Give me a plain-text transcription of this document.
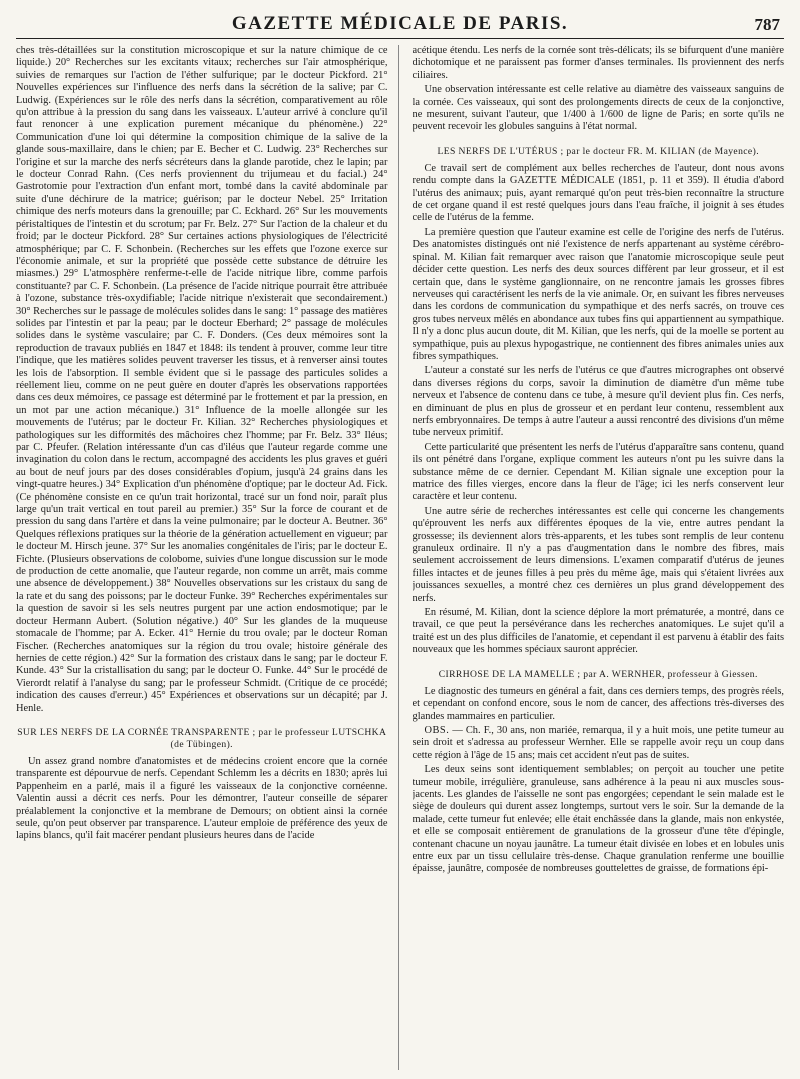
GAZETTE MÉDICALE DE PARIS.	787

ches très-détaillées sur la constitution microscopique et sur la nature chimique de ce liquide.) 20° Recherches sur les excitants vitaux; recherches sur l'air atmosphérique, suivies de remarques sur l'action de l'éther sulfurique; par le docteur Pickford. 21° Nouvelles expériences sur l'influence des nerfs dans la sécrétion de la salive; par C. Ludwig. (Expériences sur le rôle des nerfs dans la sécrétion, comparativement au rôle qu'on attribue à la pression du sang dans les vaisseaux. L'auteur arrivé à conclure qu'il faut renoncer à une explication purement mécanique du phénomène.) 22° Communication d'une loi qui détermine la composition chimique de la salive de la glande sous-maxillaire, dans le chien; par E. Becher et C. Ludwig. 23° Recherches sur l'origine et sur la marche des nerfs sécréteurs dans la glande parotide, chez le lapin; par le docteur Conrad Rahn. (Ces nerfs proviennent du trijumeau et du facial.) 24° Gastrotomie pour l'extraction d'un enfant mort, tombé dans la cavité abdominale par suite d'une déchirure de la matrice; guérison; par le docteur Nebel. 25° Irritation chimique des nerfs moteurs dans la grenouille; par C. Eckhard. 26° Sur les mouvements péristaltiques de l'intestin et du scrotum; par Fr. Belz. 27° Sur l'action de la chaleur et du froid; par le docteur Pickford. 28° Sur certaines actions physiologiques de l'électricité atmosphérique; par C. F. Schonbein. (Recherches sur les effets que l'ozone exerce sur l'économie animale, et sur la propriété que possède cette substance de détruire les miasmes.) 29° L'atmosphère renferme-t-elle de l'acide nitrique libre, comme parfois constituante? par C. F. Schonbein. (La présence de l'acide nitrique pourrait être attribuée à l'ozone, substance très-oxydifiable; l'acide nitrique n'existerait que secondairement.) 30° Recherches sur le passage de molécules solides dans le sang: 1° passage des matières solides par l'intestin et par la peau; par le docteur Eberhard; 2° passage de molécules solides dans le système vasculaire; par C. F. Donders. (Ces deux mémoires sont la reproduction de travaux publiés en 1847 et 1848: ils tendent à prouver, comme leur titre l'indique, que les matières solides peuvent traverser les tissus, et à renverser ainsi toutes les lois de l'absorption. Il semble évident que si le passage des particules solides a réellement lieu, comme on ne peut guère en douter d'après les observations rapportées dans ces deux mémoires, ce passage est déterminé par le frottement et par la pression, en un mot par une action mécanique.) 31° Influence de la moelle allongée sur les mouvements de l'utérus; par le docteur Fr. Kilian. 32° Recherches physiologiques et pathologiques sur les difformités des mâchoires chez l'homme; par Fr. Belz. 33° Iléus; par C. Pfeufer. (Relation intéressante d'un cas d'iléus que l'auteur regarde comme une invagination du colon dans le rectum, accompagné des accidents les plus graves et guéri au bout de neuf jours par des doses considérables d'opium, jusqu'à 24 grains dans les vingt-quatre heures.) 34° Explication d'un phénomène d'optique; par le docteur Ad. Fick. (Ce phénomène consiste en ce qu'un trait horizontal, tracé sur un fond noir, paraît plus large qu'un trait vertical en tout pareil au premier.) 35° Sur la force de courant et de pression du sang dans l'artère et dans la veine pulmonaire; par le docteur A. Beutner. 36° Quelques réflexions pratiques sur la théorie de la génération actuellement en vigueur; par le docteur M. Hirsch jeune. 37° Sur les anomalies congénitales de l'iris; par le docteur E. Fichte. (Plusieurs observations de colobome, suivies d'une longue discussion sur le mode de production de cette anomalie, que l'auteur regarde, non comme un arrêt, mais comme une absence de développement.) 38° Nouvelles observations sur les cristaux du sang de la rate et du sang des poissons; par le docteur Funke. 39° Recherches expérimentales sur la question de savoir si les sels neutres purgent par une action endosmotique; par le docteur Hermann Aubert. (Solution négative.) 40° Sur les glandes de la muqueuse stomacale de l'homme; par A. Ecker. 41° Hernie du trou ovale; par le docteur Roman Fischer. (Recherches anatomiques sur la région du trou ovale; histoire générale des hernies de cette région.) 42° Sur la formation des cristaux dans le sang; par le docteur F. Kunde. 43° Sur la cristallisation du sang; par le docteur O. Funke. 44° Sur le procédé de Vierordt relatif à l'analyse du sang; par le professeur Schmidt. (Critique de ce procédé; indication des causes d'erreur.) 45° Expériences et observations sur un décapité; par J. Henle.

SUR LES NERFS DE LA CORNÉE TRANSPARENTE ; par le professeur LUTSCHKA (de Tübingen).

Un assez grand nombre d'anatomistes et de médecins croient encore que la cornée transparente est dépourvue de nerfs. Cependant Schlemm les a décrits en 1830; après lui Pappenheim en a parlé, mais il a figuré les vaisseaux de la conjonctive cornéenne. Valentin aussi a décrit ces nerfs. Pour les démontrer, l'auteur conseille de séparer préalablement la conjonctive et la membrane de Demours; on obtient ainsi la cornée seule, qu'on peut observer par transparence. L'auteur emploie de préférence des yeux de lapins blancs, qu'il fait macérer pendant plusieurs heures dans de l'acide

acétique étendu. Les nerfs de la cornée sont très-délicats; ils se bifurquent d'une manière dichotomique et ne paraissent pas former d'anses terminales. Ils proviennent des nerfs ciliaires.

Une observation intéressante est celle relative au diamètre des vaisseaux sanguins de la cornée. Ces vaisseaux, qui sont des prolongements directs de ceux de la conjonctive, ne mesurent, suivant l'auteur, que 1/400 à 1/600 de ligne de Paris; en sorte qu'ils ne peuvent recevoir les globules sanguins à l'état normal.

LES NERFS DE L'UTÉRUS ; par le docteur FR. M. KILIAN (de Mayence).

Ce travail sert de complément aux belles recherches de l'auteur, dont nous avons rendu compte dans la GAZETTE MÉDICALE (1851, p. 11 et 359). Il étudia d'abord l'utérus des animaux; puis, ayant remarqué qu'on peut très-bien reconnaître la structure de cet organe quand il est resté quelques jours dans l'eau fraîche, il joignit à ses études celle de l'utérus de la femme.

La première question que l'auteur examine est celle de l'origine des nerfs de l'utérus. Des anatomistes distingués ont nié l'existence de nerfs appartenant au système cérébro-spinal. M. Kilian fait remarquer avec raison que l'anatomie microscopique seule peut décider cette question. Les nerfs des deux sources diffèrent par leur grosseur, et il est certain que, dans le système ganglionnaire, on ne rencontre jamais les grosses fibres nerveuses qui caractérisent les nerfs de la vie animale. Or, en suivant les fibres nerveuses dans les cordons de communication du sympathique et des nerfs sacrés, on trouve ces gros tubes nerveux mêlés en abondance aux tubes fins qui appartiennent au sympathique. Il n'y a donc plus aucun doute, dit M. Kilian, que les nerfs, qui de la moelle se portent au sympathique, puis au plexus hypogastrique, ne contiennent des fibres animales unies aux fibres sympathiques.

L'auteur a constaté sur les nerfs de l'utérus ce que d'autres micrographes ont observé dans diverses régions du corps, savoir la diminution de diamètre d'un même tube nerveux et l'absence de contenu dans ce tube, à mesure qu'il devient plus fin. Ces nerfs, en diminuant de plus en plus de grosseur et en perdant leur contenu, ressemblent aux nerfs embryonnaires. De temps à autre l'auteur a aussi rencontré des divisions d'un même tube nerveux primitif.

Cette particularité que présentent les nerfs de l'utérus d'apparaître sans contenu, quand ils ont pénétré dans l'organe, explique comment les auteurs n'ont pu les suivre dans la substance même de ce dernier. Cependant M. Kilian signale une exception pour la matrice des filles vierges, encore dans la fleur de l'âge; ici les nerfs conservent leur caractère et leur contenu.

Une autre série de recherches intéressantes est celle qui concerne les changements qu'éprouvent les nerfs aux différentes époques de la vie, entre autres pendant la grossesse; ils deviennent alors très-apparents, et les tubes sont remplis de leur contenu granuleux ordinaire. Il n'y a pas d'augmentation dans le nombre des fibres, mais seulement accroissement de leurs dimensions. L'examen comparatif d'utérus de jeunes filles intactes et de jeunes filles à peu près du même âge, mais qui s'étaient livrées aux jouissances sexuelles, a montré chez ces dernières un plus grand développement des nerfs.

En résumé, M. Kilian, dont la science déplore la mort prématurée, a montré, dans ce travail, ce que peut la persévérance dans les recherches anatomiques. Le sujet qu'il a traité est un des plus difficiles de l'anatomie, et cependant il est parvenu à établir des faits nouveaux que les hommes spéciaux sauront apprécier.

CIRRHOSE DE LA MAMELLE ; par A. WERNHER, professeur à Giessen.

Le diagnostic des tumeurs en général a fait, dans ces derniers temps, des progrès réels, et cependant on confond encore, sous le nom de cancer, des affections très-diverses des glandes mammaires en particulier.

OBS. — Ch. F., 30 ans, non mariée, remarqua, il y a huit mois, une petite tumeur au sein droit et s'adressa au professeur Wernher. Elle se rappelle avoir reçu un coup dans cette région à l'âge de 15 ans; mais cet accident n'eut pas de suites.

Les deux seins sont identiquement semblables; on perçoit au toucher une petite tumeur mobile, irrégulière, granuleuse, sans adhérence à la peau ni aux muscles sous-jacents. Les glandes de l'aisselle ne sont pas engorgées; cependant le sein malade est le siège de douleurs qui durent assez longtemps, surtout vers le soir. Sur la demande de la malade, cette tumeur fut enlevée; elle était enchâssée dans la glande, mais non enkystée, et elle se composait entièrement de granulations de la grosseur d'une tête d'épingle, contenant chacune un noyau jaunâtre. La tumeur était divisée en lobes et en lobules unis entre eux par un tissu cellulaire très-dense. Chaque granulation renferme une bouillie épaisse, jaunâtre, composée de nombreuses gouttelettes de graisse, de formations épi-
